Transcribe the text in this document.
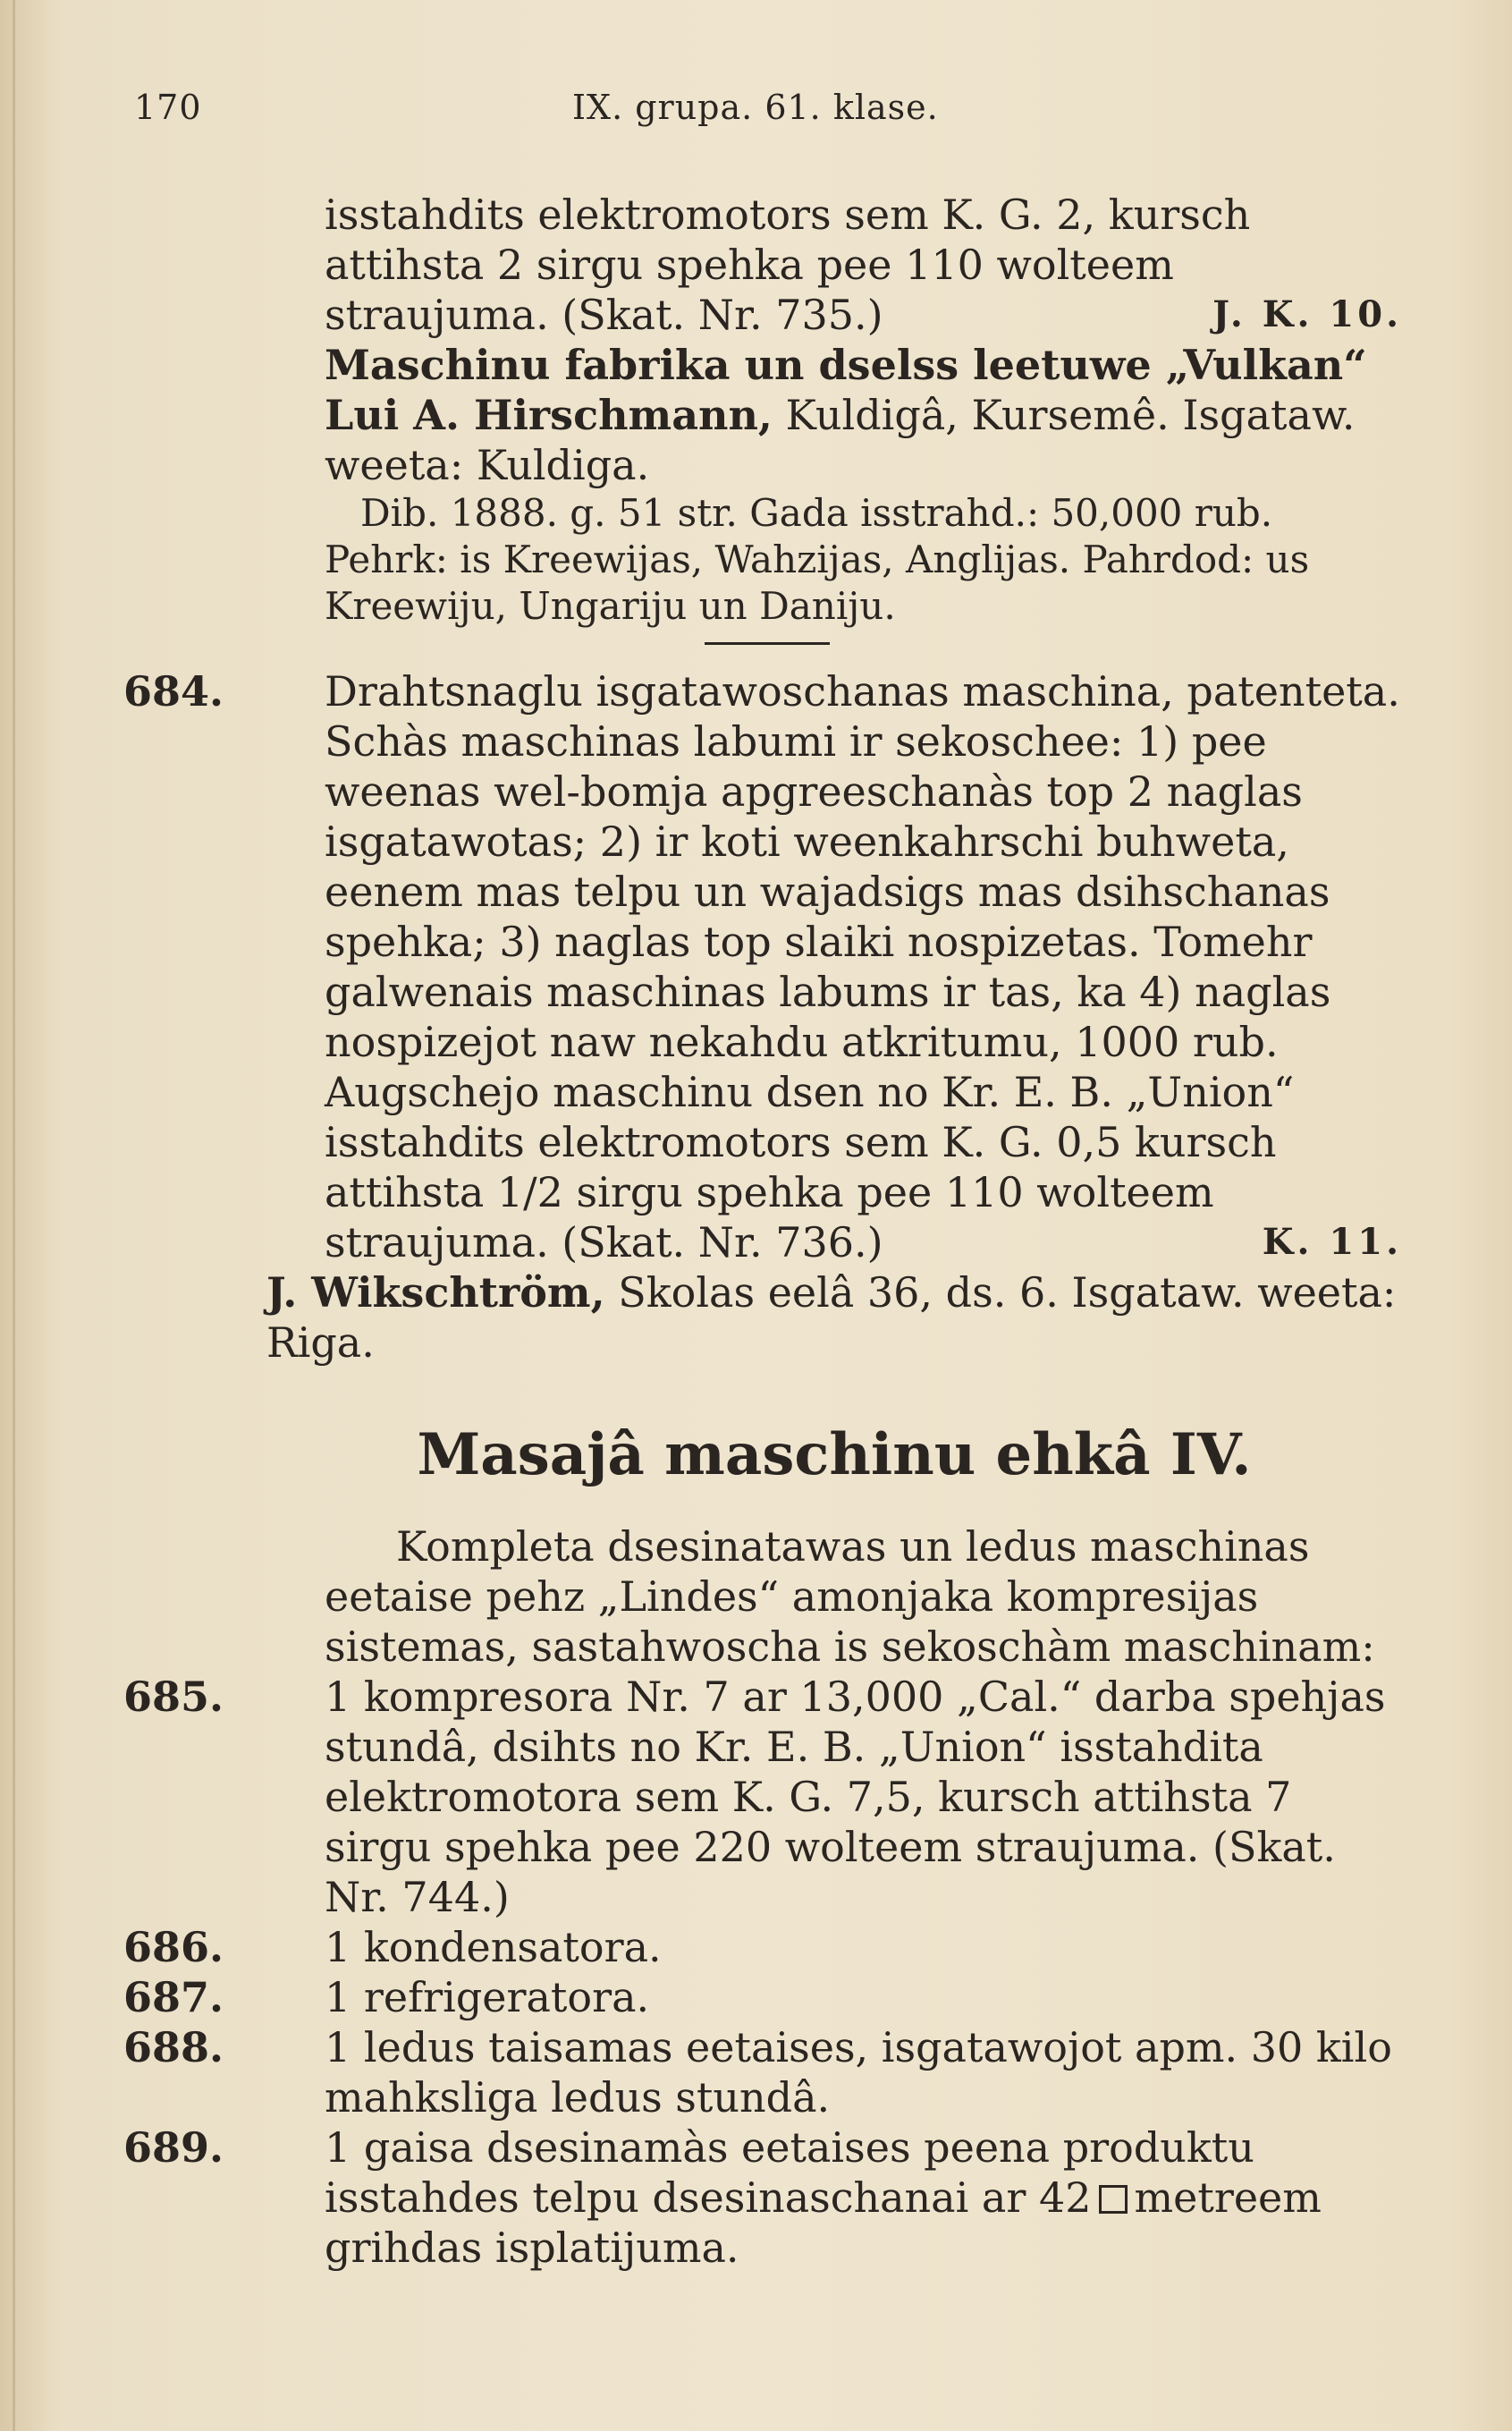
170	IX. grupa. 61. klase.

isstahdits elektromotors sem K. G. 2, kursch attihsta 2 sirgu spehka pee 110 wolteem straujuma. (Skat. Nr. 735.)	J. K. 10.

Maschinu fabrika un dselss leetuwe „Vulkan“ Lui A. Hirschmann, Kuldigâ, Kursemê. Isgataw. weeta: Kuldiga.

Dib. 1888. g. 51 str. Gada isstrahd.: 50,000 rub. Pehrk: is Kreewijas, Wahzijas, Anglijas. Pahrdod: us Kreewiju, Ungariju un Daniju.

684. Drahtsnaglu isgatawoschanas maschina, patenteta. Schàs maschinas labumi ir sekoschee: 1) pee weenas wel-bomja apgreeschanàs top 2 naglas isgatawotas; 2) ir koti weenkahrschi buhweta, eenem mas telpu un wajadsigs mas dsihschanas spehka; 3) naglas top slaiki nospizetas. Tomehr galwenais maschinas labums ir tas, ka 4) naglas nospizejot naw nekahdu atkritumu, 1000 rub. Augschejo maschinu dsen no Kr. E. B. „Union“ isstahdits elektromotors sem K. G. 0,5 kursch attihsta 1/2 sirgu spehka pee 110 wolteem straujuma. (Skat. Nr. 736.)	K. 11.
J. Wikschtröm, Skolas eelâ 36, ds. 6. Isgataw. weeta: Riga.
Masajâ maschinu ehkâ IV.

Kompleta dsesinatawas un ledus maschinas eetaise pehz „Lindes“ amonjaka kompresijas sistemas, sastahwoscha is sekoschàm maschinam:

685. 1 kompresora Nr. 7 ar 13,000 „Cal.“ darba spehjas stundâ, dsihts no Kr. E. B. „Union“ isstahdita elektromotora sem K. G. 7,5, kursch attihsta 7 sirgu spehka pee 220 wolteem straujuma. (Skat. Nr. 744.)
686. 1 kondensatora.
687. 1 refrigeratora.
688. 1 ledus taisamas eetaises, isgatawojot apm. 30 kilo mahksliga ledus stundâ.
689. 1 gaisa dsesinamàs eetaises peena produktu isstahdes telpu dsesinaschanai ar 42 metreem grihdas isplatijuma.
